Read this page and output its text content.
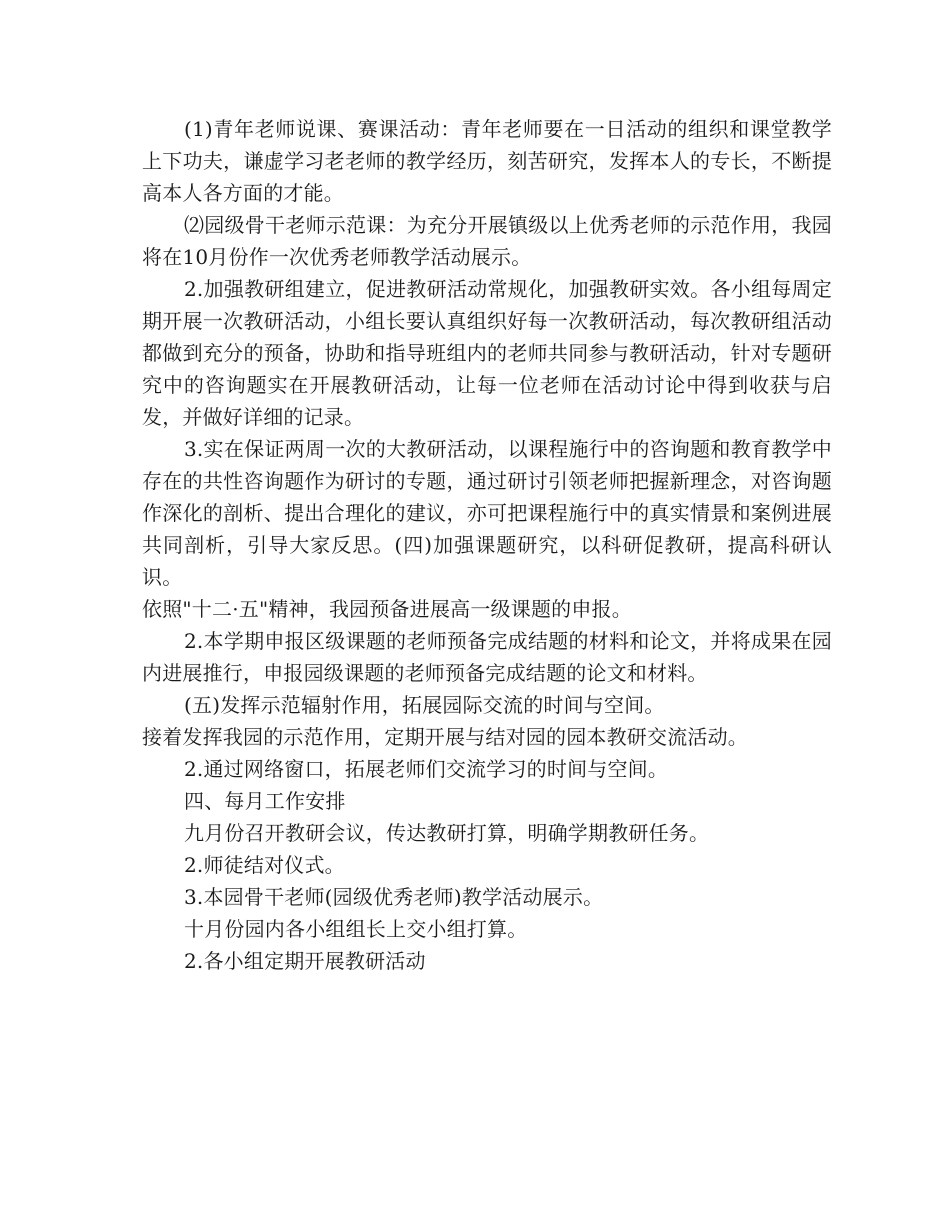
(1)青年老师说课、赛课活动：青年老师要在一日活动的组织和课堂教学上下功夫，谦虚学习老老师的教学经历，刻苦研究，发挥本人的专长，不断提高本人各方面的才能。

⑵园级骨干老师示范课：为充分开展镇级以上优秀老师的示范作用，我园将在10月份作一次优秀老师教学活动展示。

2.加强教研组建立，促进教研活动常规化，加强教研实效。各小组每周定期开展一次教研活动，小组长要认真组织好每一次教研活动，每次教研组活动都做到充分的预备，协助和指导班组内的老师共同参与教研活动，针对专题研究中的咨询题实在开展教研活动，让每一位老师在活动讨论中得到收获与启发，并做好详细的记录。

3.实在保证两周一次的大教研活动，以课程施行中的咨询题和教育教学中存在的共性咨询题作为研讨的专题，通过研讨引领老师把握新理念，对咨询题作深化的剖析、提出合理化的建议，亦可把课程施行中的真实情景和案例进展共同剖析，引导大家反思。(四)加强课题研究，以科研促教研，提高科研认识。

依照"十二·五"精神，我园预备进展高一级课题的申报。

2.本学期申报区级课题的老师预备完成结题的材料和论文，并将成果在园内进展推行，申报园级课题的老师预备完成结题的论文和材料。

(五)发挥示范辐射作用，拓展园际交流的时间与空间。

接着发挥我园的示范作用，定期开展与结对园的园本教研交流活动。

2.通过网络窗口，拓展老师们交流学习的时间与空间。

四、每月工作安排

九月份召开教研会议，传达教研打算，明确学期教研任务。

2.师徒结对仪式。

3.本园骨干老师(园级优秀老师)教学活动展示。

十月份园内各小组组长上交小组打算。

2.各小组定期开展教研活动
